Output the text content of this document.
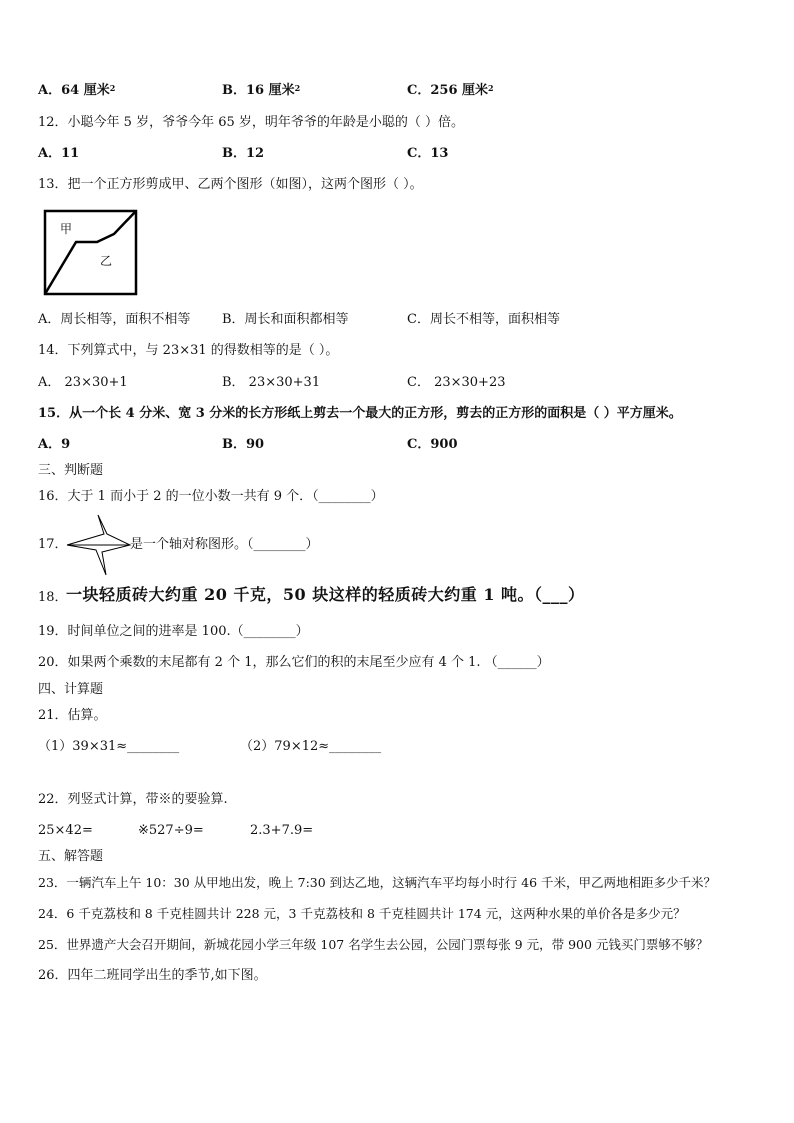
A．64 厘米$^2$	B．16 厘米$^2$	C．256 厘米$^2$
12．小聪今年 5 岁，爷爷今年 65 岁，明年爷爷的年龄是小聪的（ ）倍。
A．11	B．12	C．13
13．把一个正方形剪成甲、乙两个图形（如图），这两个图形（ ）。
甲
乙
A．周长相等，面积不相等 B．周长和面积都相等	C．周长不相等，面积相等
14．下列算式中，与 23×31 的得数相等的是（ ）。
A． 23×30+1	B． 23×30+31	C． 23×30+23
15．从一个长 4 分米、宽 3 分米的长方形纸上剪去一个最大的正方形，剪去的正方形的面积是（ ）平方厘米。
A．9	B．90	C．900
三、判断题
16．大于 1 而小于 2 的一位小数一共有 9 个．（________）
17．	是一个轴对称图形。（________）
18．
一块轻质砖大约重 20 千克，50 块这样的轻质砖大约重 1 吨。（___）
19．时间单位之间的进率是 100.（________）
20．如果两个乘数的末尾都有 2 个 1，那么它们的积的末尾至少应有 4 个 1. （______）
四、计算题
21．估算。
（1）39×31≈________	（2）79×12≈________
22．列竖式计算，带※的要验算.
25×42=	※527÷9=	2.3+7.9=
五、解答题
23．一辆汽车上午 10：30 从甲地出发，晚上 7:30 到达乙地，这辆汽车平均每小时行 46 千米，甲乙两地相距多少千米？
24．6 千克荔枝和 8 千克桂圆共计 228 元，3 千克荔枝和 8 千克桂圆共计 174 元，这两种水果的单价各是多少元？
25．世界遗产大会召开期间，新城花园小学三年级 107 名学生去公园，公园门票每张 9 元，带 900 元钱买门票够不够？
26．四年二班同学出生的季节,如下图。
